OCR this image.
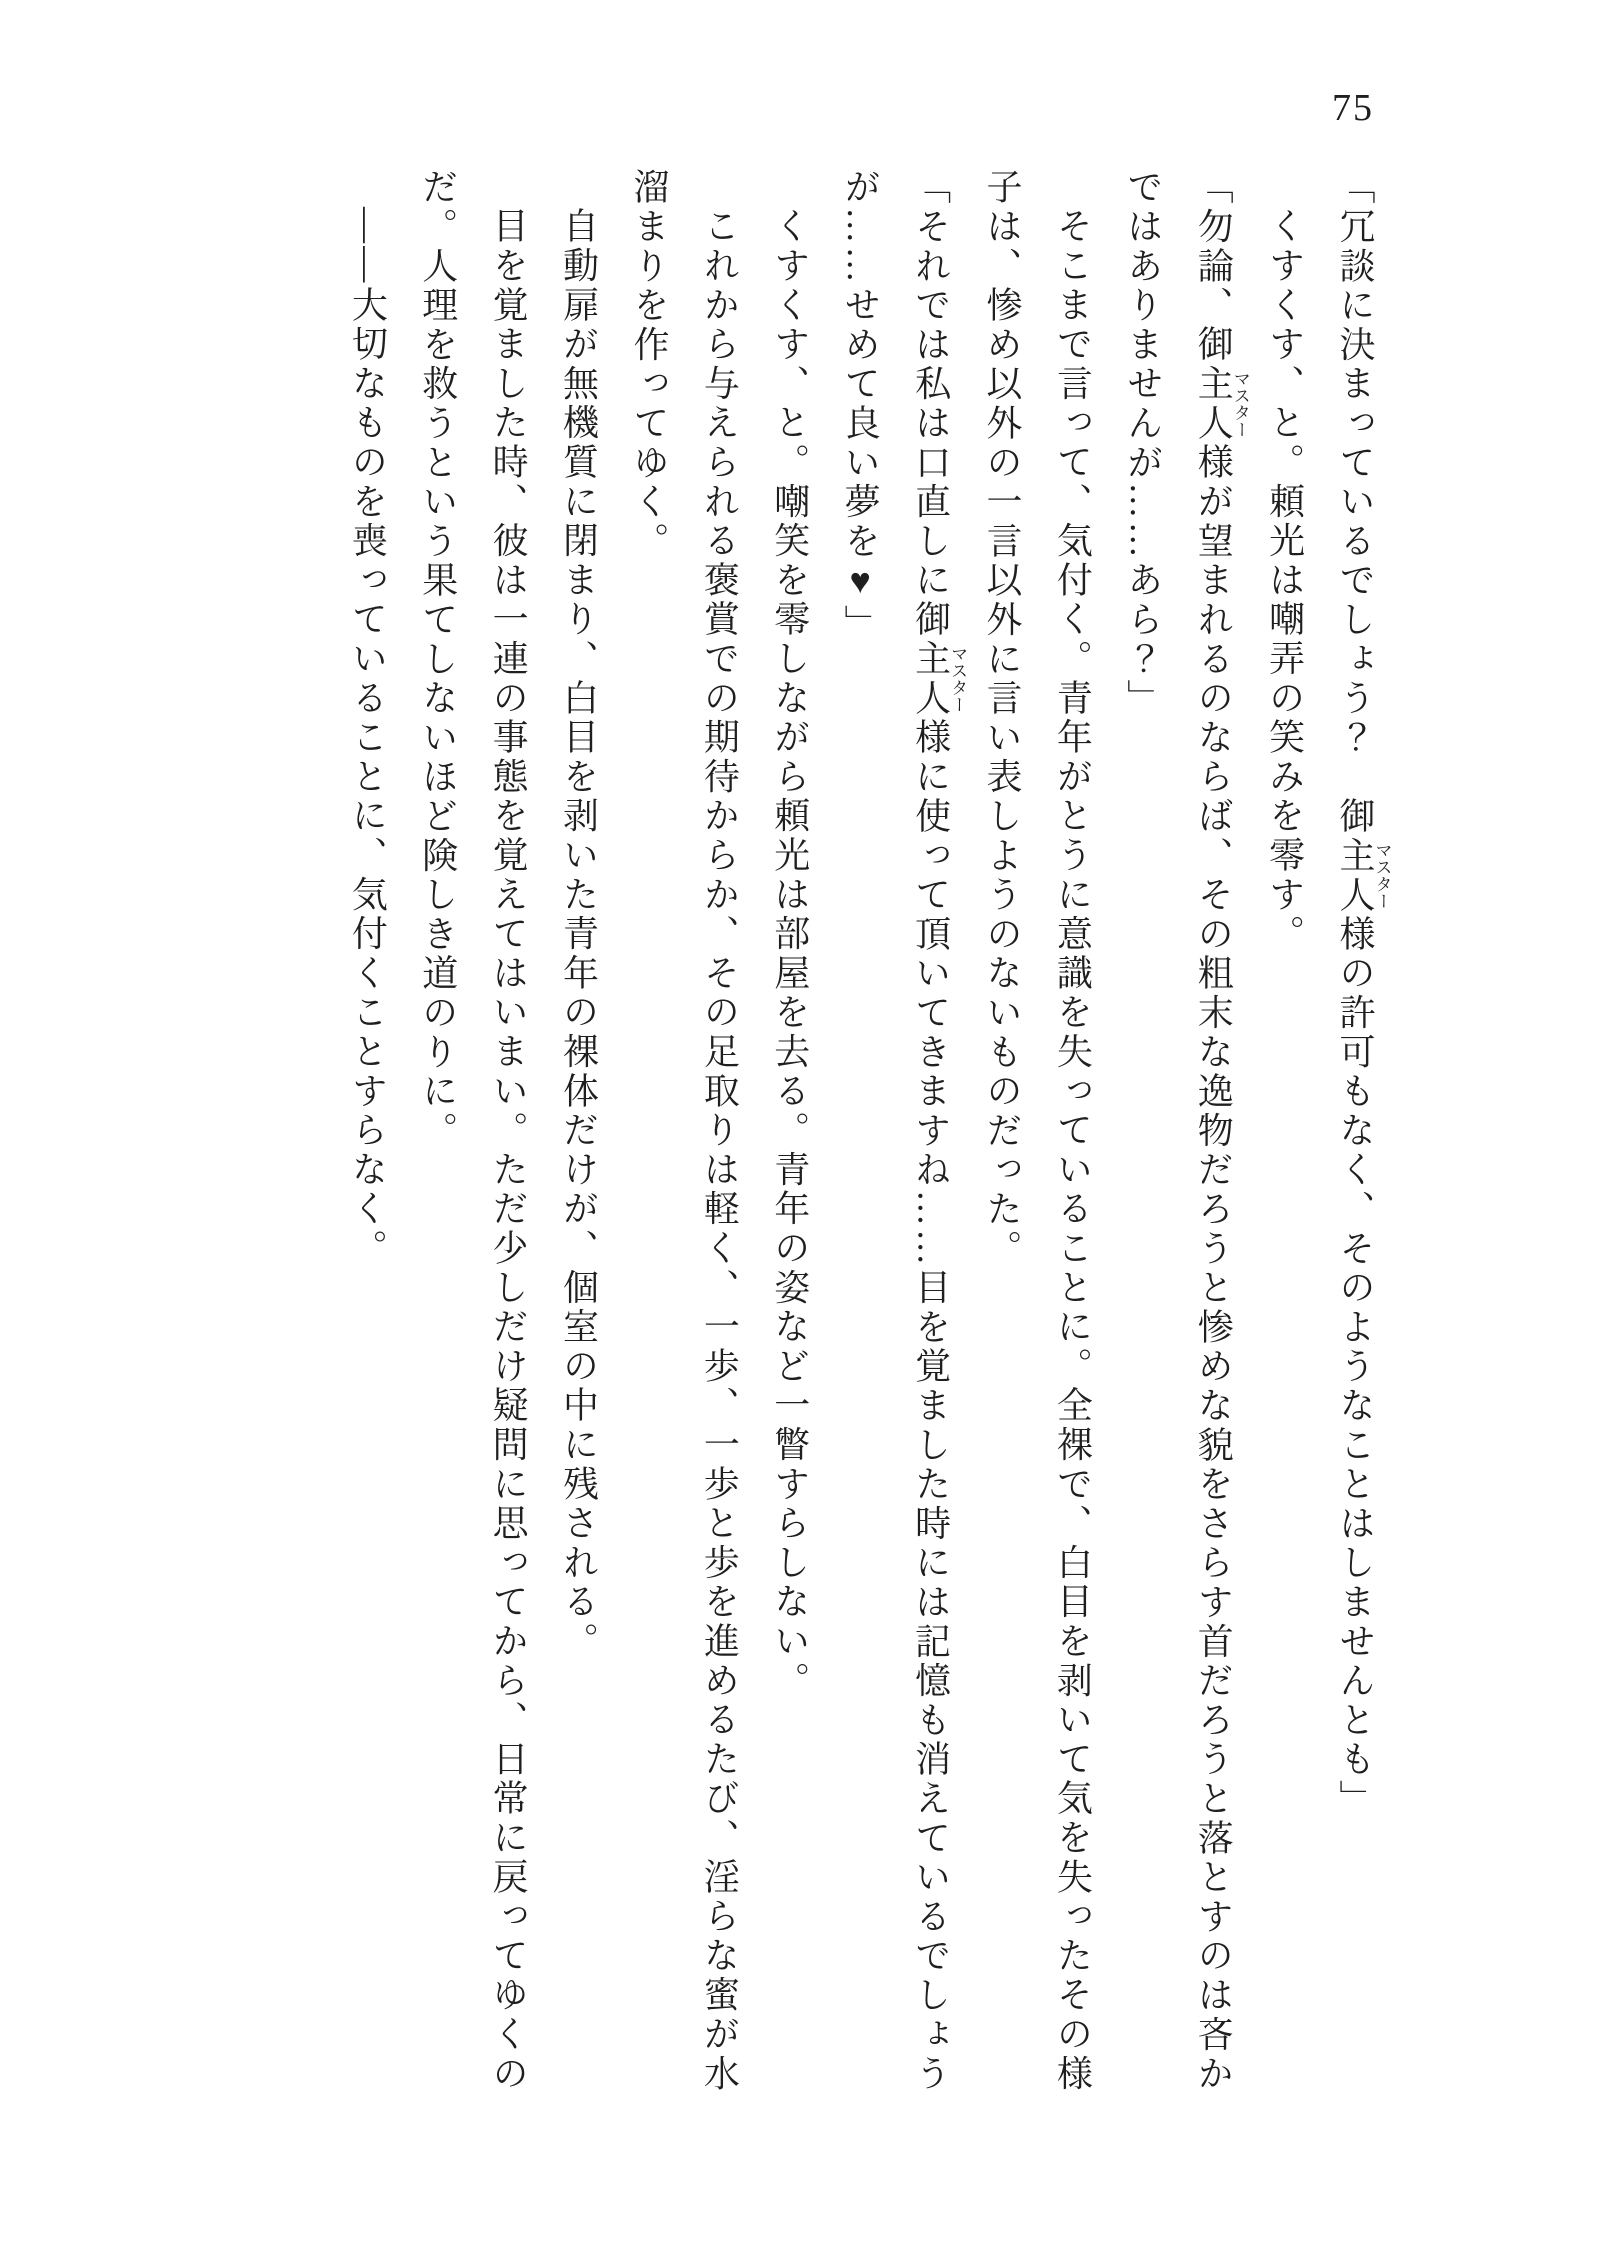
75

「冗談に決まっているでしょう？　御主人様マスターの許可もなく、そのようなことはしませんとも」

くすくす、と。頼光は嘲弄の笑みを零す。

「勿論、御主人様マスターが望まれるのならば、その粗末な逸物だろうと惨めな貌をさらす首だろうと落とすのは吝かではありませんが……あら？」

そこまで言って、気付く。青年がとうに意識を失っていることに。全裸で、白目を剥いて気を失ったその様子は、惨め以外の一言以外に言い表しようのないものだった。

「それでは私は口直しに御主人様マスターに使って頂いてきますね……目を覚ました時には記憶も消えているでしょうが……せめて良い夢を♥」

くすくす、と。嘲笑を零しながら頼光は部屋を去る。青年の姿など一瞥すらしない。

これから与えられる褒賞での期待からか、その足取りは軽く、一歩、一歩と歩を進めるたび、淫らな蜜が水溜まりを作ってゆく。

自動扉が無機質に閉まり、白目を剥いた青年の裸体だけが、個室の中に残される。

目を覚ました時、彼は一連の事態を覚えてはいまい。ただ少しだけ疑問に思ってから、日常に戻ってゆくのだ。人理を救うという果てしないほど険しき道のりに。

――大切なものを喪っていることに、気付くことすらなく。
